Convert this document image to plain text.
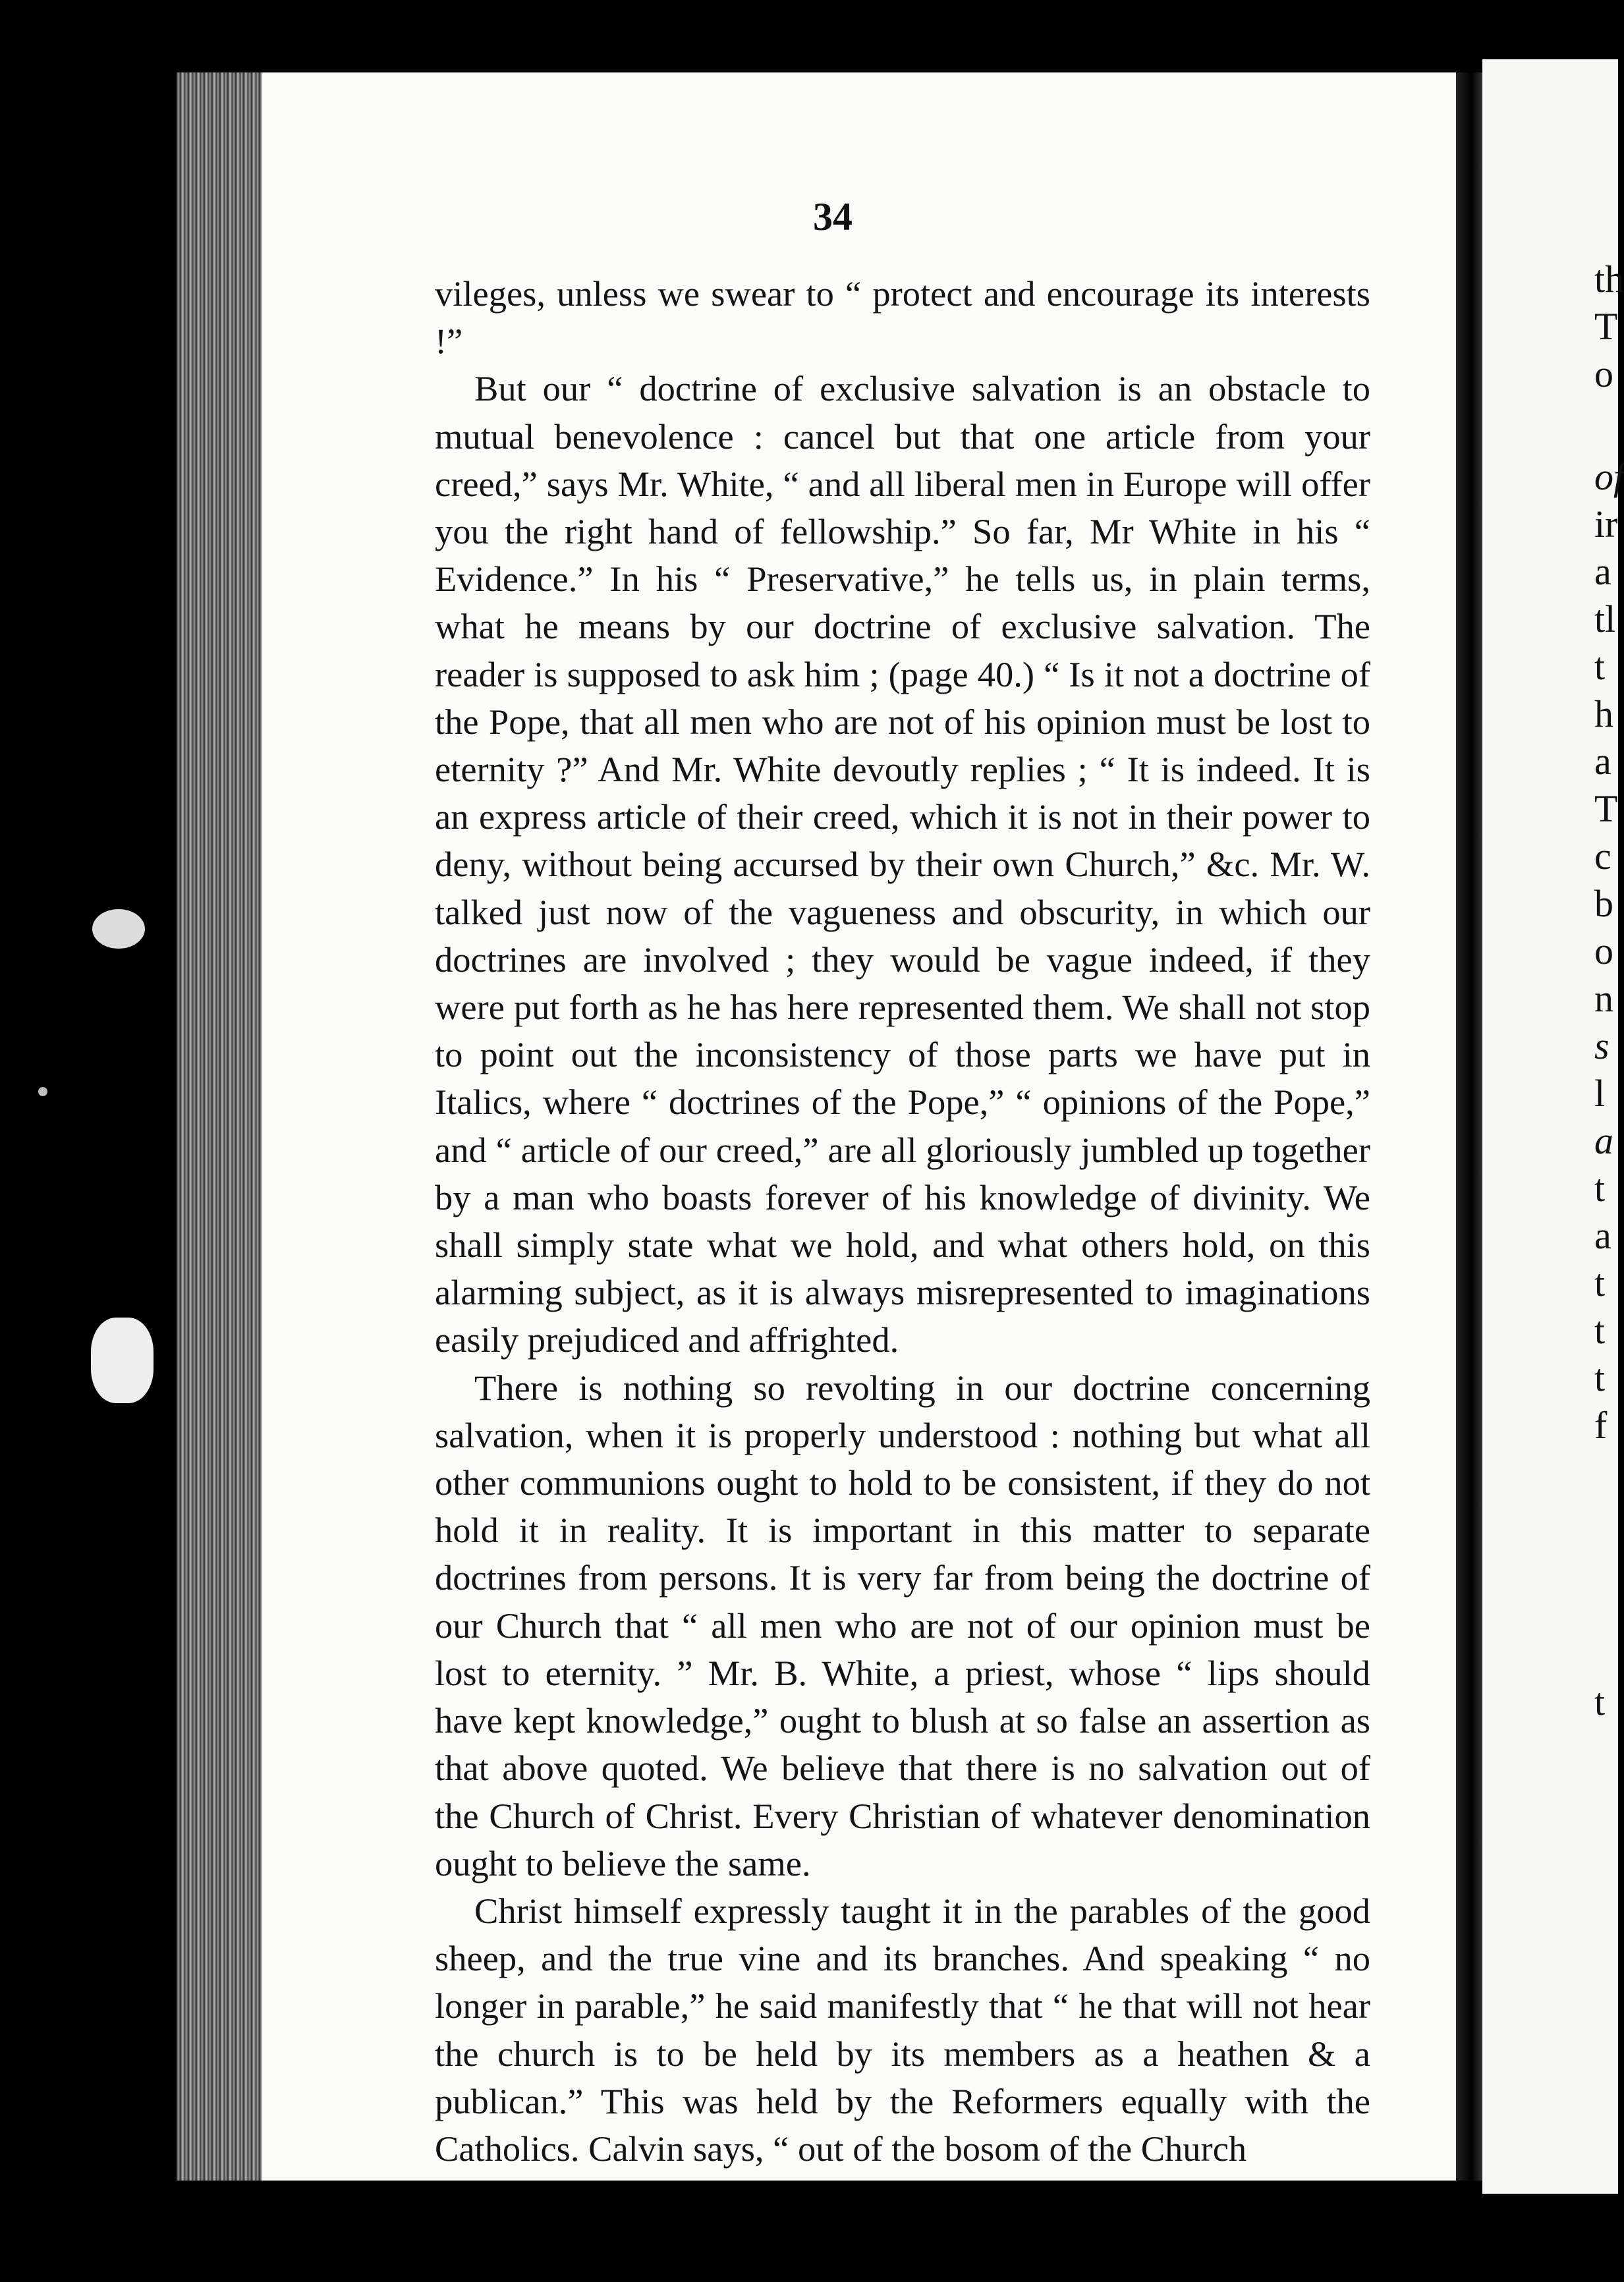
34

vileges, unless we swear to “ protect and encourage its interests !”

But our “ doctrine of exclusive salvation is an obstacle to mutual benevolence : cancel but that one article from your creed,” says Mr. White, “ and all liberal men in Europe will offer you the right hand of fellowship.” So far, Mr White in his “ Evidence.” In his “ Preservative,” he tells us, in plain terms, what he means by our doctrine of exclusive salvation. The reader is supposed to ask him ; (page 40.) “ Is it not a doctrine of the Pope, that all men who are not of his opinion must be lost to eternity ?” And Mr. White devoutly replies ; “ It is indeed. It is an express article of their creed, which it is not in their power to deny, without being accursed by their own Church,” &c. Mr. W. talked just now of the vagueness and obscurity, in which our doctrines are involved ; they would be vague indeed, if they were put forth as he has here represented them. We shall not stop to point out the inconsistency of those parts we have put in Italics, where “ doctrines of the Pope,” “ opinions of the Pope,” and “ article of our creed,” are all gloriously jumbled up together by a man who boasts forever of his knowledge of divinity. We shall simply state what we hold, and what others hold, on this alarming subject, as it is always misrepresented to imaginations easily prejudiced and affrighted.

There is nothing so revolting in our doctrine concerning salvation, when it is properly understood : nothing but what all other communions ought to hold to be consistent, if they do not hold it in reality. It is important in this matter to separate doctrines from persons. It is very far from being the doctrine of our Church that “ all men who are not of our opinion must be lost to eternity. ” Mr. B. White, a priest, whose “ lips should have kept knowledge,” ought to blush at so false an assertion as that above quoted. We believe that there is no salvation out of the Church of Christ. Every Christian of whatever denomination ought to believe the same.

Christ himself expressly taught it in the parables of the good sheep, and the true vine and its branches. And speaking “ no longer in parable,” he said manifestly that “ he that will not hear the church is to be held by its members as a heathen & a publican.” This was held by the Reformers equally with the Catholics. Calvin says, “ out of the bosom of the Church

th
T
o
of
ir
a
tl
t
h
a
T
c
b
o
n
s
l
a
t
a
t
t
t
f
t
